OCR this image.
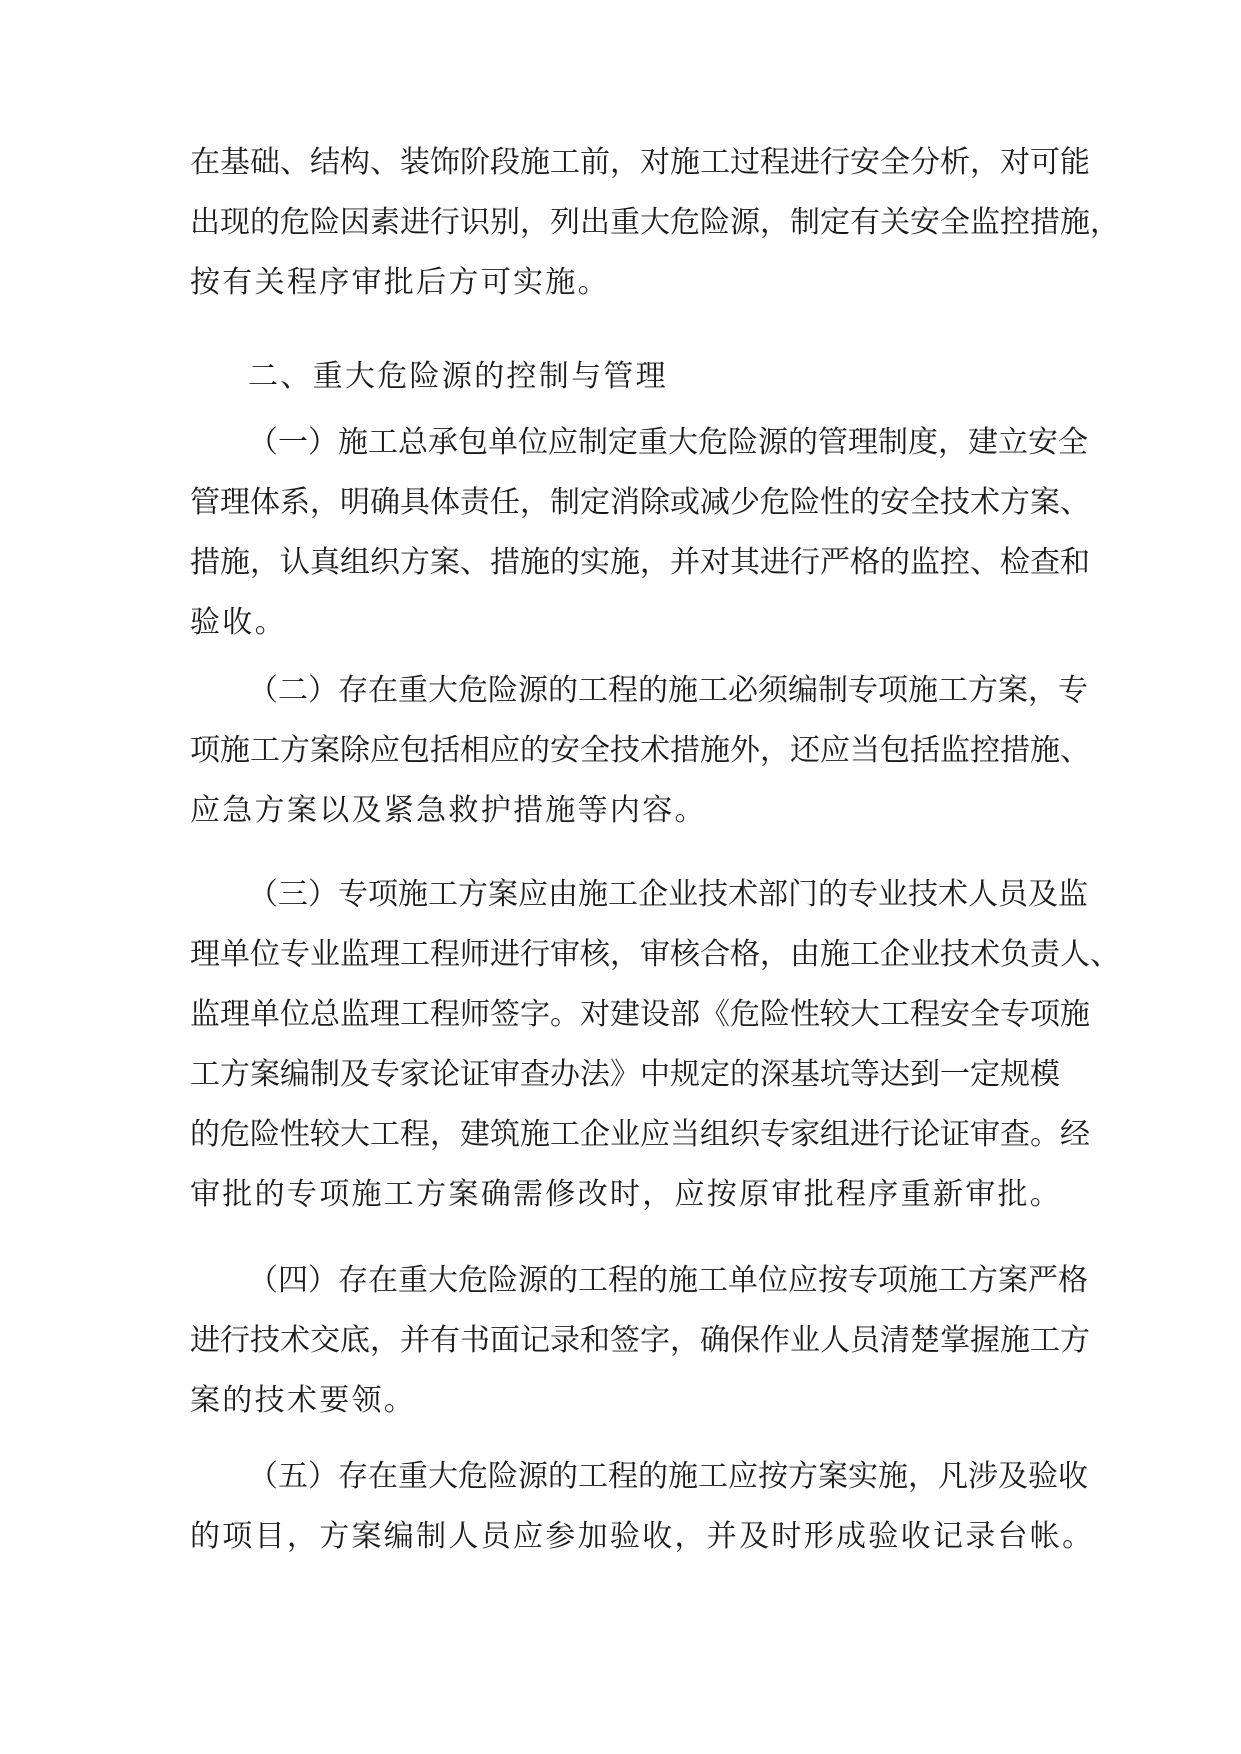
在基础、结构、装饰阶段施工前，对施工过程进行安全分析，对可能

出现的危险因素进行识别，列出重大危险源，制定有关安全监控措施，

按有关程序审批后方可实施。

二、重大危险源的控制与管理

（一）施工总承包单位应制定重大危险源的管理制度，建立安全

管理体系，明确具体责任，制定消除或减少危险性的安全技术方案、

措施，认真组织方案、措施的实施，并对其进行严格的监控、检查和

验收。

（二）存在重大危险源的工程的施工必须编制专项施工方案，专

项施工方案除应包括相应的安全技术措施外，还应当包括监控措施、

应急方案以及紧急救护措施等内容。

（三）专项施工方案应由施工企业技术部门的专业技术人员及监

理单位专业监理工程师进行审核，审核合格，由施工企业技术负责人、

监理单位总监理工程师签字。对建设部《危险性较大工程安全专项施

工方案编制及专家论证审查办法》中规定的深基坑等达到一定规模

的危险性较大工程，建筑施工企业应当组织专家组进行论证审查。经

审批的专项施工方案确需修改时，应按原审批程序重新审批。

（四）存在重大危险源的工程的施工单位应按专项施工方案严格

进行技术交底，并有书面记录和签字，确保作业人员清楚掌握施工方

案的技术要领。

（五）存在重大危险源的工程的施工应按方案实施，凡涉及验收

的项目，方案编制人员应参加验收，并及时形成验收记录台帐。
